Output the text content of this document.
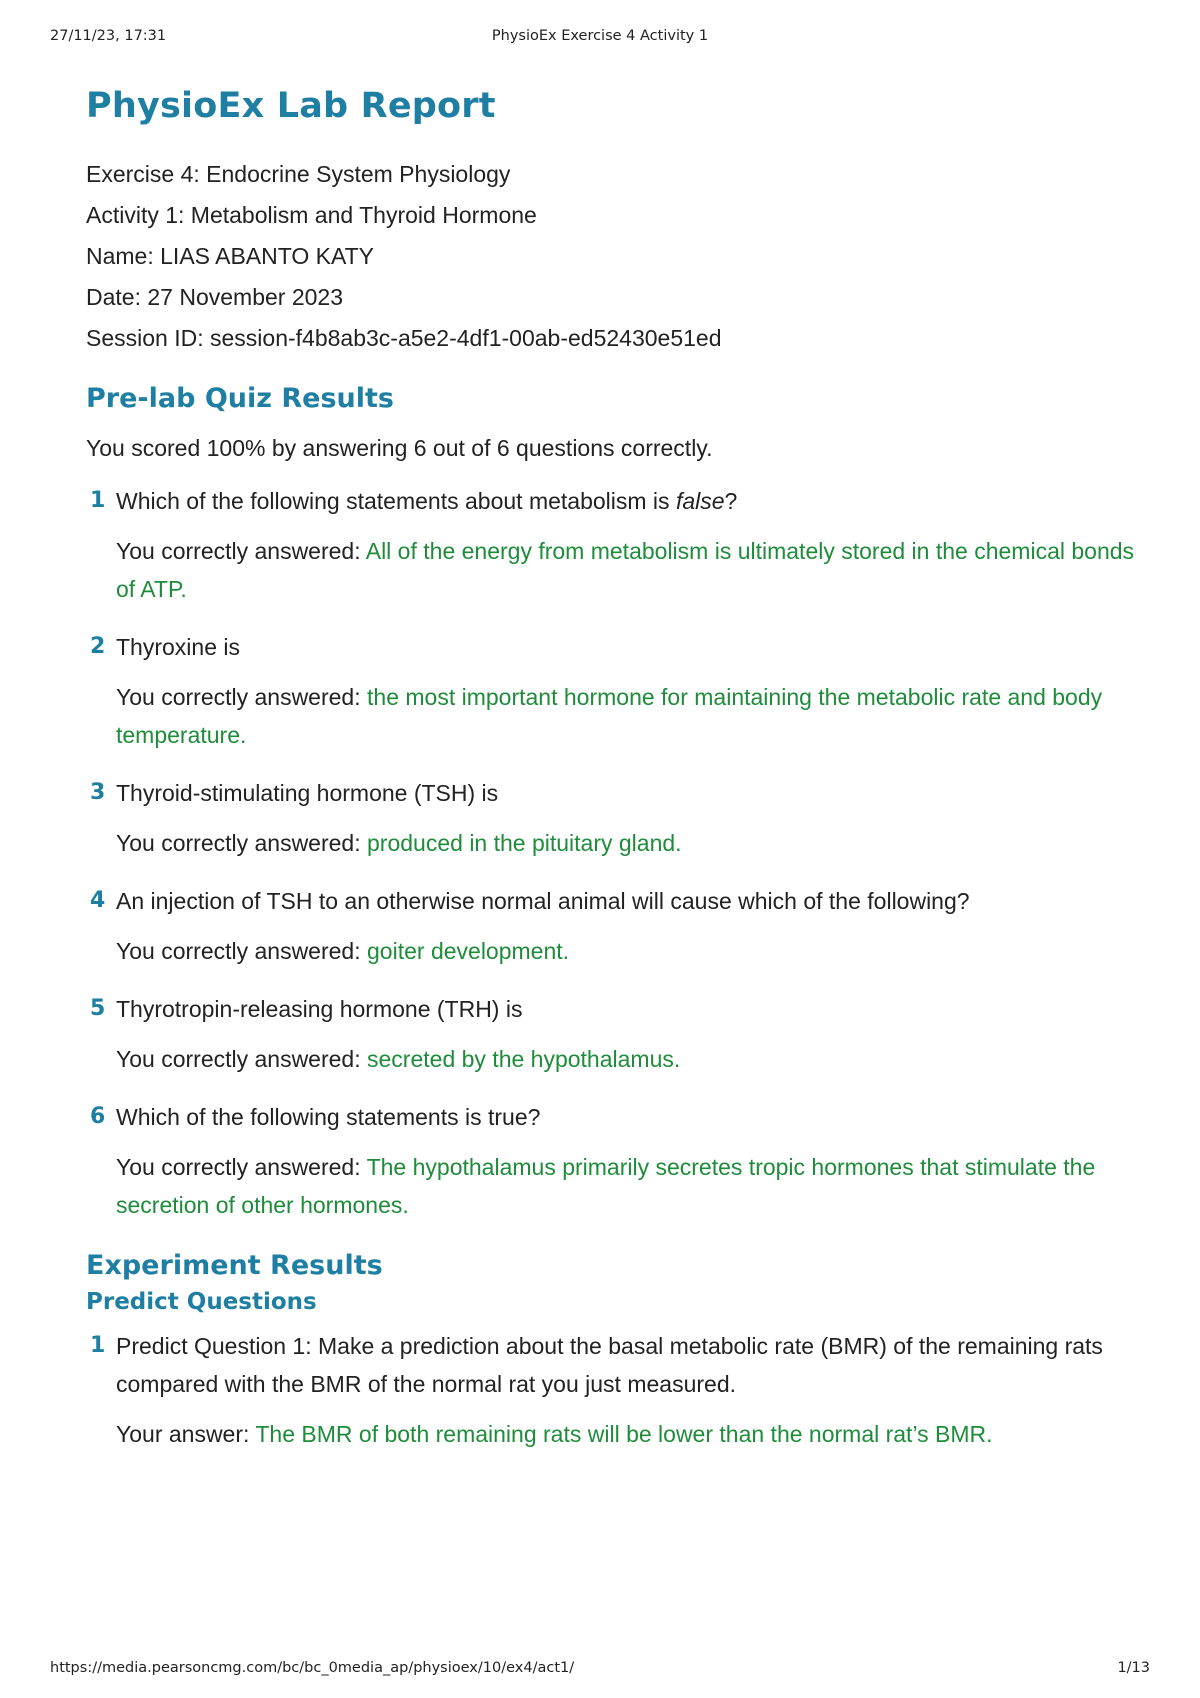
27/11/23, 17:31	PhysioEx Exercise 4 Activity 1
PhysioEx Lab Report

Exercise 4: Endocrine System Physiology

Activity 1: Metabolism and Thyroid Hormone

Name: LIAS ABANTO KATY

Date: 27 November 2023

Session ID: session-f4b8ab3c-a5e2-4df1-00ab-ed52430e51ed

Pre-lab Quiz Results

You scored 100% by answering 6 out of 6 questions correctly.

1 Which of the following statements about metabolism is false?

You correctly answered: All of the energy from metabolism is ultimately stored in the chemical bonds of ATP.

2 Thyroxine is

You correctly answered: the most important hormone for maintaining the metabolic rate and body temperature.

3 Thyroid-stimulating hormone (TSH) is

You correctly answered: produced in the pituitary gland.

4 An injection of TSH to an otherwise normal animal will cause which of the following?

You correctly answered: goiter development.

5 Thyrotropin-releasing hormone (TRH) is

You correctly answered: secreted by the hypothalamus.

6 Which of the following statements is true?

You correctly answered: The hypothalamus primarily secretes tropic hormones that stimulate the secretion of other hormones.

Experiment Results
Predict Questions
1 Predict Question 1: Make a prediction about the basal metabolic rate (BMR) of the remaining rats compared with the BMR of the normal rat you just measured.

Your answer: The BMR of both remaining rats will be lower than the normal rat’s BMR.

https://media.pearsoncmg.com/bc/bc_0media_ap/physioex/10/ex4/act1/	1/13
